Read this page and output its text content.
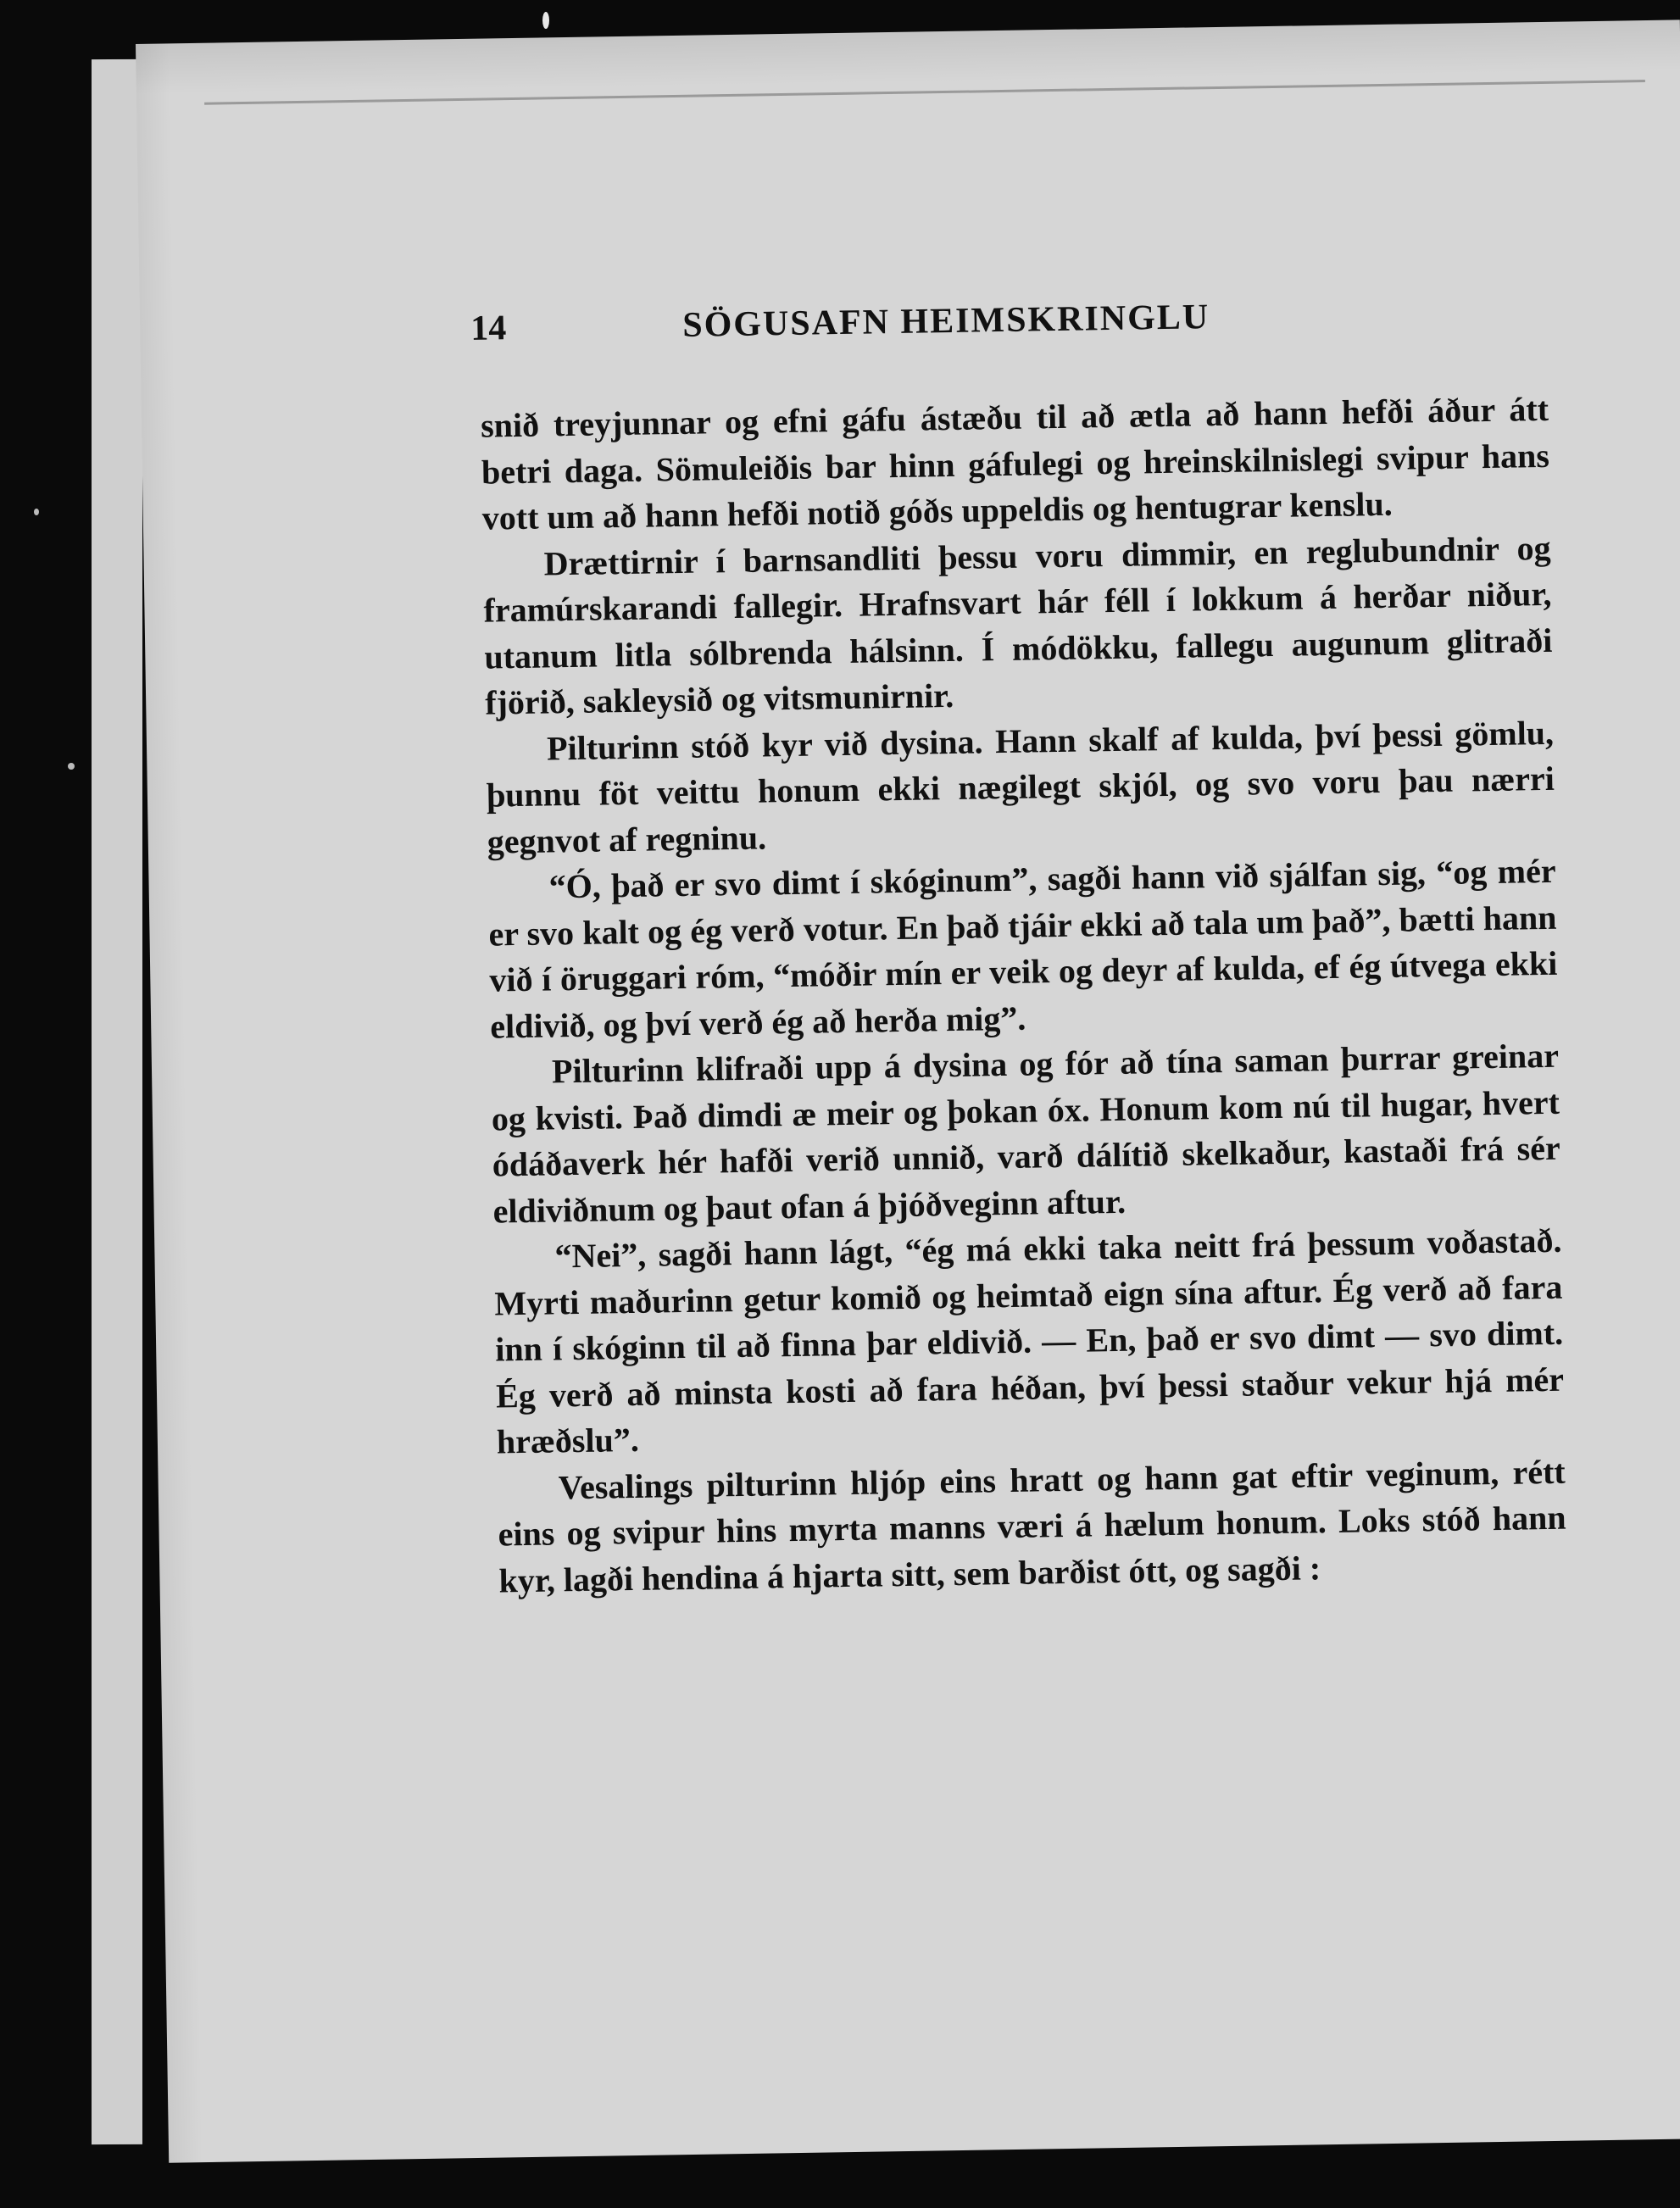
14	SÖGUSAFN HEIMSKRINGLU

snið treyjunnar og efni gáfu ástæðu til að ætla að hann hefði áður átt betri daga. Sömuleiðis bar hinn gáfulegi og hreinskilnislegi svipur hans vott um að hann hefði notið góðs uppeldis og hentugrar kenslu.

Drættirnir í barnsandliti þessu voru dimmir, en reglubundnir og framúrskarandi fallegir. Hrafnsvart hár féll í lokkum á herðar niður, utanum litla sólbrenda hálsinn. Í módökku, fallegu augunum glitraði fjörið, sakleysið og vitsmunirnir.

Pilturinn stóð kyr við dysina. Hann skalf af kulda, því þessi gömlu, þunnu föt veittu honum ekki nægilegt skjól, og svo voru þau nærri gegnvot af regninu.

“Ó, það er svo dimt í skóginum”, sagði hann við sjálfan sig, “og mér er svo kalt og ég verð votur. En það tjáir ekki að tala um það”, bætti hann við í öruggari róm, “móðir mín er veik og deyr af kulda, ef ég útvega ekki eldivið, og því verð ég að herða mig”.

Pilturinn klifraði upp á dysina og fór að tína saman þurrar greinar og kvisti. Það dimdi æ meir og þokan óx. Honum kom nú til hugar, hvert ódáðaverk hér hafði verið unnið, varð dálítið skelkaður, kastaði frá sér eldiviðnum og þaut ofan á þjóðveginn aftur.

“Nei”, sagði hann lágt, “ég má ekki taka neitt frá þessum voðastað. Myrti maðurinn getur komið og heimtað eign sína aftur. Ég verð að fara inn í skóginn til að finna þar eldivið. — En, það er svo dimt — svo dimt. Ég verð að minsta kosti að fara héðan, því þessi staður vekur hjá mér hræðslu”.

Vesalings pilturinn hljóp eins hratt og hann gat eftir veginum, rétt eins og svipur hins myrta manns væri á hælum honum. Loks stóð hann kyr, lagði hendina á hjarta sitt, sem barðist ótt, og sagði :
